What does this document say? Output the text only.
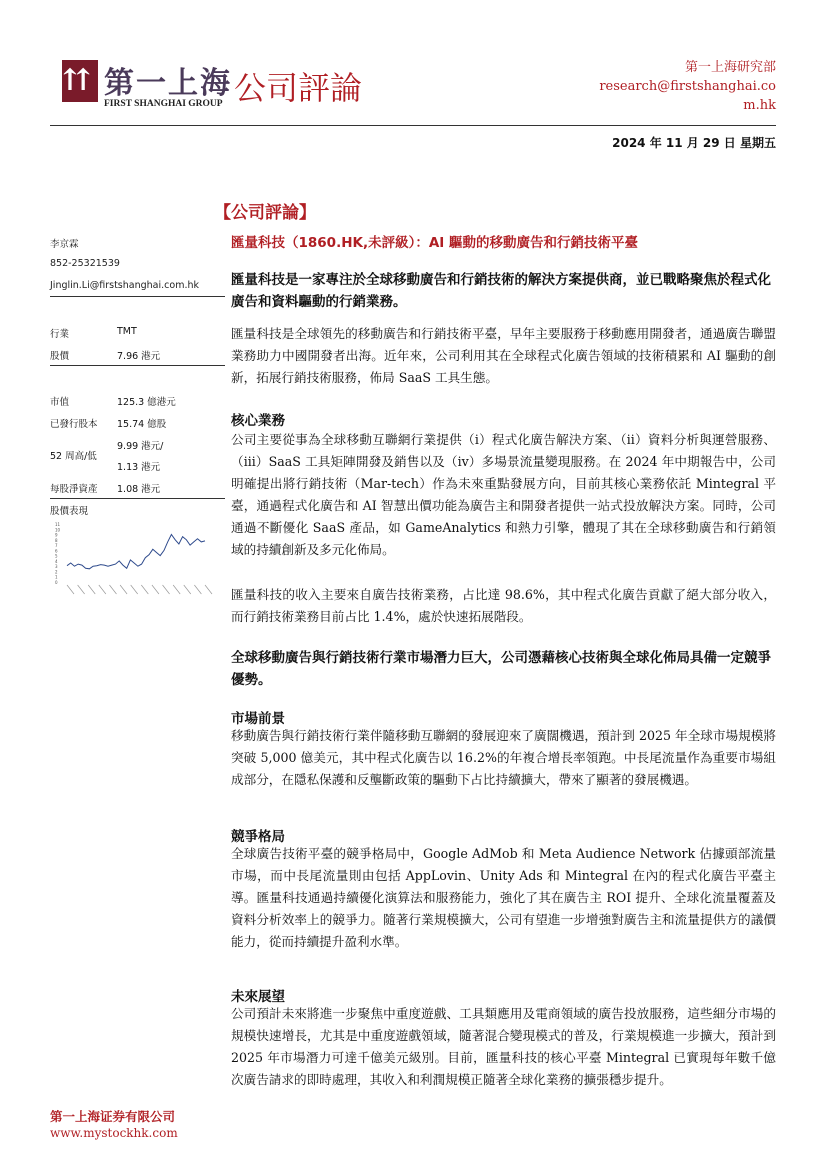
⇈ 第一上海
FIRST SHANGHAI GROUP 公司評論
第一上海研究部
research@firstshanghai.co
m.hk
2024 年 11 月 29 日 星期五
李京霖
852-25321539
Jinglin.Li@firstshanghai.com.hk
行業	TMT
股價	7.96 港元
市值	125.3 億港元
已發行股本 15.74 億股
52 周高/低
9.99 港元/
1.13 港元
每股淨資產 1.08 港元
股價表現
0
1
2
3
4
5
6
7
8
9
10
11
【公司評論】
匯量科技（1860.HK,未評級）：AI 驅動的移動廣告和行銷技術平臺
匯量科技是一家專注於全球移動廣告和行銷技術的解決方案提供商，並已戰略聚焦於程式化廣告和資料驅動的行銷業務。
匯量科技是全球領先的移動廣告和行銷技術平臺，早年主要服務于移動應用開發者，通過廣告聯盟業務助力中國開發者出海。近年來，公司利用其在全球程式化廣告領域的技術積累和 AI 驅動的創新，拓展行銷技術服務，佈局 SaaS 工具生態。
核心業務
公司主要從事為全球移動互聯網行業提供（i）程式化廣告解決方案、（ii）資料分析與運營服務、（iii）SaaS 工具矩陣開發及銷售以及（iv）多場景流量變現服務。在 2024 年中期報告中，公司明確提出將行銷技術（Mar-tech）作為未來重點發展方向，目前其核心業務依託 Mintegral 平臺，通過程式化廣告和 AI 智慧出價功能為廣告主和開發者提供一站式投放解決方案。同時，公司通過不斷優化 SaaS 產品，如 GameAnalytics 和熱力引擎，體現了其在全球移動廣告和行銷領域的持續創新及多元化佈局。
匯量科技的收入主要來自廣告技術業務，占比達 98.6%，其中程式化廣告貢獻了絕大部分收入，而行銷技術業務目前占比 1.4%，處於快速拓展階段。
全球移動廣告與行銷技術行業市場潛力巨大，公司憑藉核心技術與全球化佈局具備一定競爭優勢。
市場前景
移動廣告與行銷技術行業伴隨移動互聯網的發展迎來了廣闊機遇，預計到 2025 年全球市場規模將突破 5,000 億美元，其中程式化廣告以 16.2%的年複合增長率領跑。中長尾流量作為重要市場組成部分，在隱私保護和反壟斷政策的驅動下占比持續擴大，帶來了顯著的發展機遇。
競爭格局
全球廣告技術平臺的競爭格局中，Google AdMob 和 Meta Audience Network 佔據頭部流量市場，而中長尾流量則由包括 AppLovin、Unity Ads 和 Mintegral 在內的程式化廣告平臺主導。匯量科技通過持續優化演算法和服務能力，強化了其在廣告主 ROI 提升、全球化流量覆蓋及資料分析效率上的競爭力。隨著行業規模擴大，公司有望進一步增強對廣告主和流量提供方的議價能力，從而持續提升盈利水準。
未來展望
公司預計未來將進一步聚焦中重度遊戲、工具類應用及電商領域的廣告投放服務，這些細分市場的規模快速增長，尤其是中重度遊戲領域，隨著混合變現模式的普及，行業規模進一步擴大，預計到 2025 年市場潛力可達千億美元級別。目前，匯量科技的核心平臺 Mintegral 已實現每年數千億次廣告請求的即時處理，其收入和利潤規模正隨著全球化業務的擴張穩步提升。
第一上海证券有限公司
www.mystockhk.com
